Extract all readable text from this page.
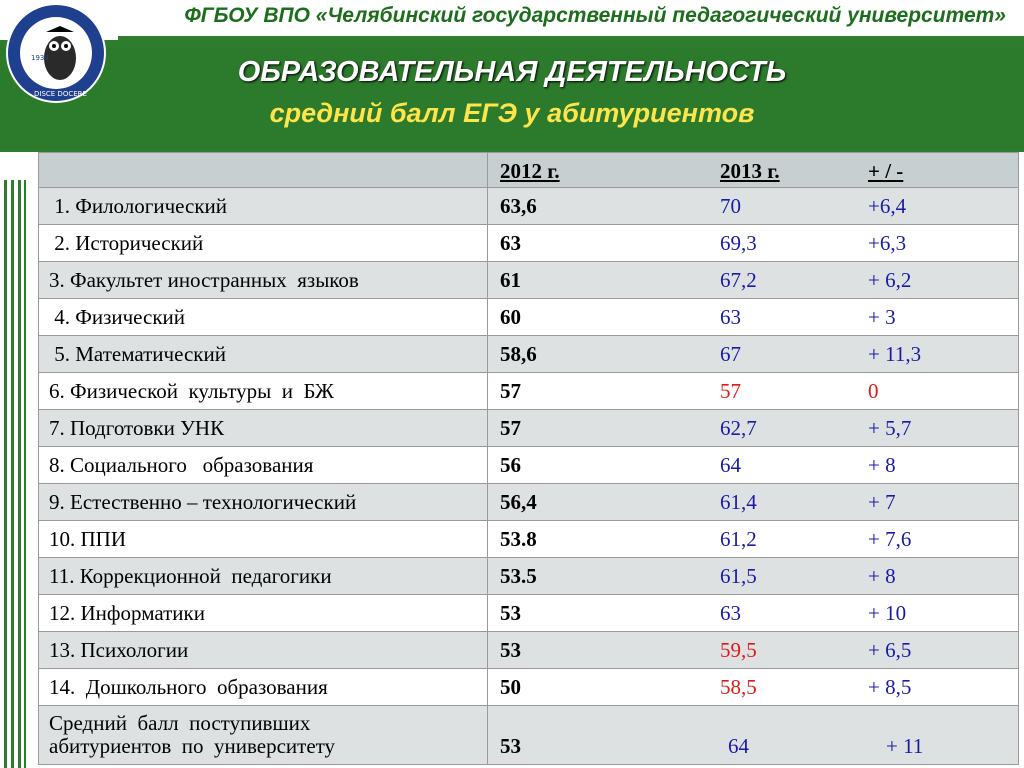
ФГБОУ ВПО «Челябинский государственный педагогический университет»
1934
DISCE DOCERE
ОБРАЗОВАТЕЛЬНАЯ ДЕЯТЕЛЬНОСТЬ
средний балл ЕГЭ у абитуриентов

	2012 г. 2013 г. + / -

1. Филологический	63,6 70 +6,4

2. Исторический	63 69,3 +6,3

3. Факультет иностранных  языков	61 67,2 + 6,2

4. Физический	60 63 + 3

5. Математический	58,6 67 + 11,3

6. Физической  культуры  и  БЖ	57 57 0

7. Подготовки УНК	57 62,7 + 5,7

8. Социального   образования	56 64 + 8

9. Естественно – технологический	56,4 61,4 + 7

10. ППИ	53.8 61,2 + 7,6

11. Коррекционной  педагогики	53.5 61,5 + 8

12. Информатики	53 63 + 10

13. Психологии	53 59,5 + 6,5

14.  Дошкольного  образования	50 58,5 + 8,5

Средний  балл  поступивших
абитуриентов  по  университету	53 64 + 11
